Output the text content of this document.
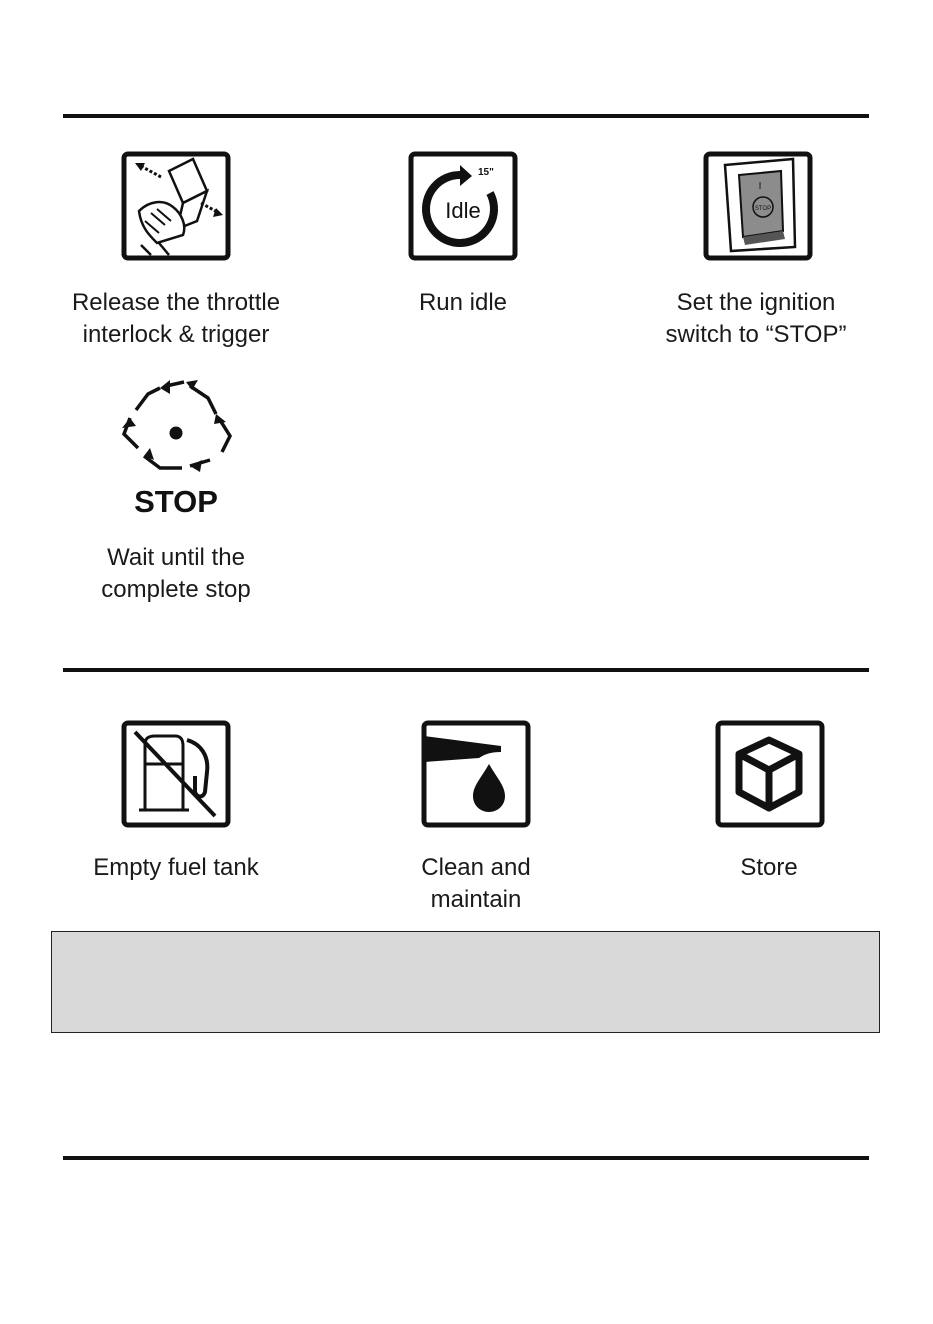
Release the throttle
interlock & trigger
Idle
15"
Run idle
I
STOP
Set the ignition
switch to “STOP”
STOP
Wait until the
complete stop
Empty fuel tank	Clean and
maintain
Store
